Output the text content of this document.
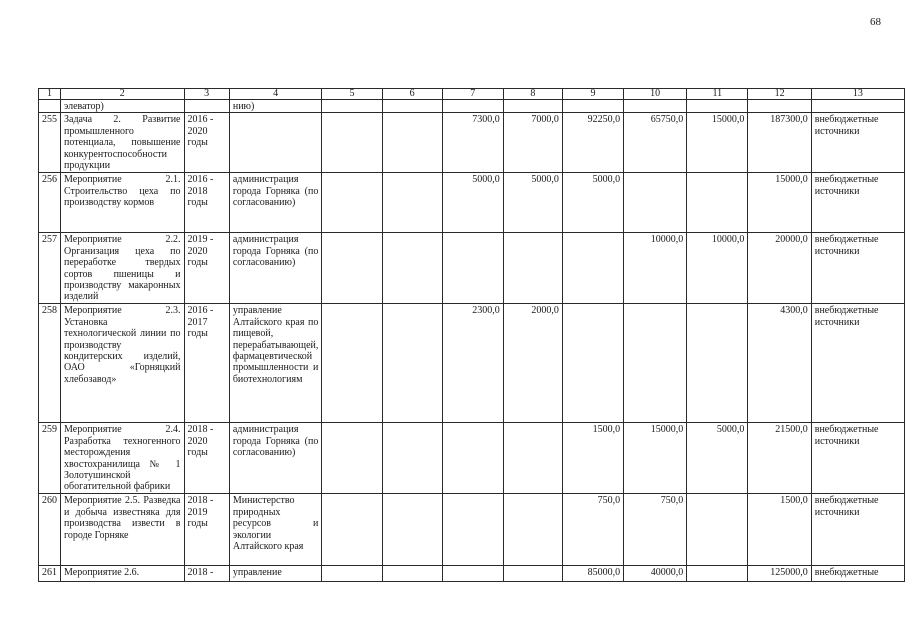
68
1	2	3	4	5	6	7	8	9	10	11	12	13
	элеватор)		нию)									
255	Задача 2. Развитие промышленного потенциала, повышение конкурентоспособности продукции	2016 - 2020 годы				7300,0	7000,0	92250,0	65750,0	15000,0	187300,0	внебюджетные источники
256	Мероприятие 2.1. Строительство цеха по производству кормов	2016 - 2018 годы	администрация города Горняка (по согласованию)			5000,0	5000,0	5000,0			15000,0	внебюджетные источники
257	Мероприятие 2.2. Организация цеха по переработке твердых сортов пшеницы и производству макаронных изделий	2019 - 2020 годы	администрация города Горняка (по согласованию)						10000,0	10000,0	20000,0	внебюджетные источники
258	Мероприятие 2.3. Установка технологической линии по производству кондитерских изделий, ОАО «Горняцкий хлебозавод»	2016 - 2017 годы	управление Алтайского края по пищевой, перерабатывающей, фармацевтической промышленности и биотехнологиям			2300,0	2000,0				4300,0	внебюджетные источники
259	Мероприятие 2.4. Разработка техногенного месторождения хвостохранилища № 1 Золотушинской обогатительной фабрики	2018 - 2020 годы	администрация города Горняка (по согласованию)					1500,0	15000,0	5000,0	21500,0	внебюджетные источники
260	Мероприятие 2.5. Разведка и добыча известняка для производства извести в городе Горняке	2018 - 2019 годы	Министерство природных ресурсов и экологии Алтайского края					750,0	750,0		1500,0	внебюджетные источники
261	Мероприятие 2.6.	2018 -	управление					85000,0	40000,0		125000,0	внебюджетные
